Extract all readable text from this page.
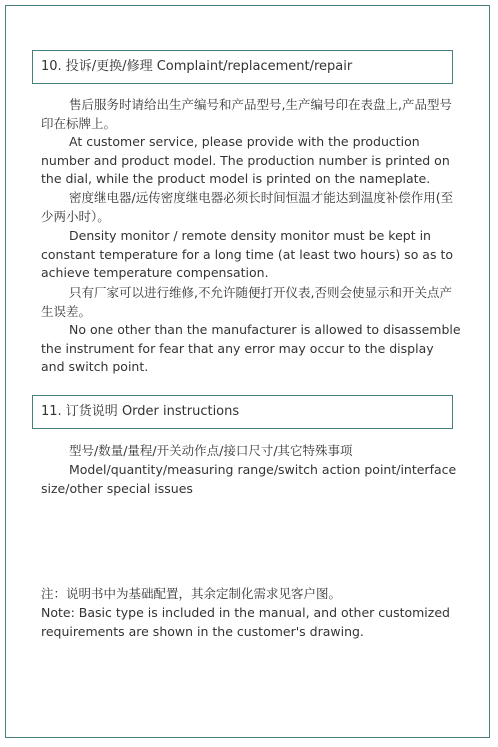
10. 投诉/更换/修理 Complaint/replacement/repair

售后服务时请给出生产编号和产品型号,生产编号印在表盘上,产品型号印在标牌上。

At customer service, please provide with the production number and product model. The production number is printed on the dial, while the product model is printed on the nameplate.

密度继电器/远传密度继电器必须长时间恒温才能达到温度补偿作用(至少两小时）。

Density monitor / remote density monitor must be kept in constant temperature for a long time (at least two hours) so as to achieve temperature compensation.

只有厂家可以进行维修,不允许随便打开仪表,否则会使显示和开关点产生误差。

No one other than the manufacturer is allowed to disassemble the instrument for fear that any error may occur to the display and switch point.

11. 订货说明 Order instructions

型号/数量/量程/开关动作点/接口尺寸/其它特殊事项

Model/quantity/measuring range/switch action point/interface size/other special issues

注：说明书中为基础配置，其余定制化需求见客户图。

Note: Basic type is included in the manual, and other customized requirements are shown in the customer's drawing.
